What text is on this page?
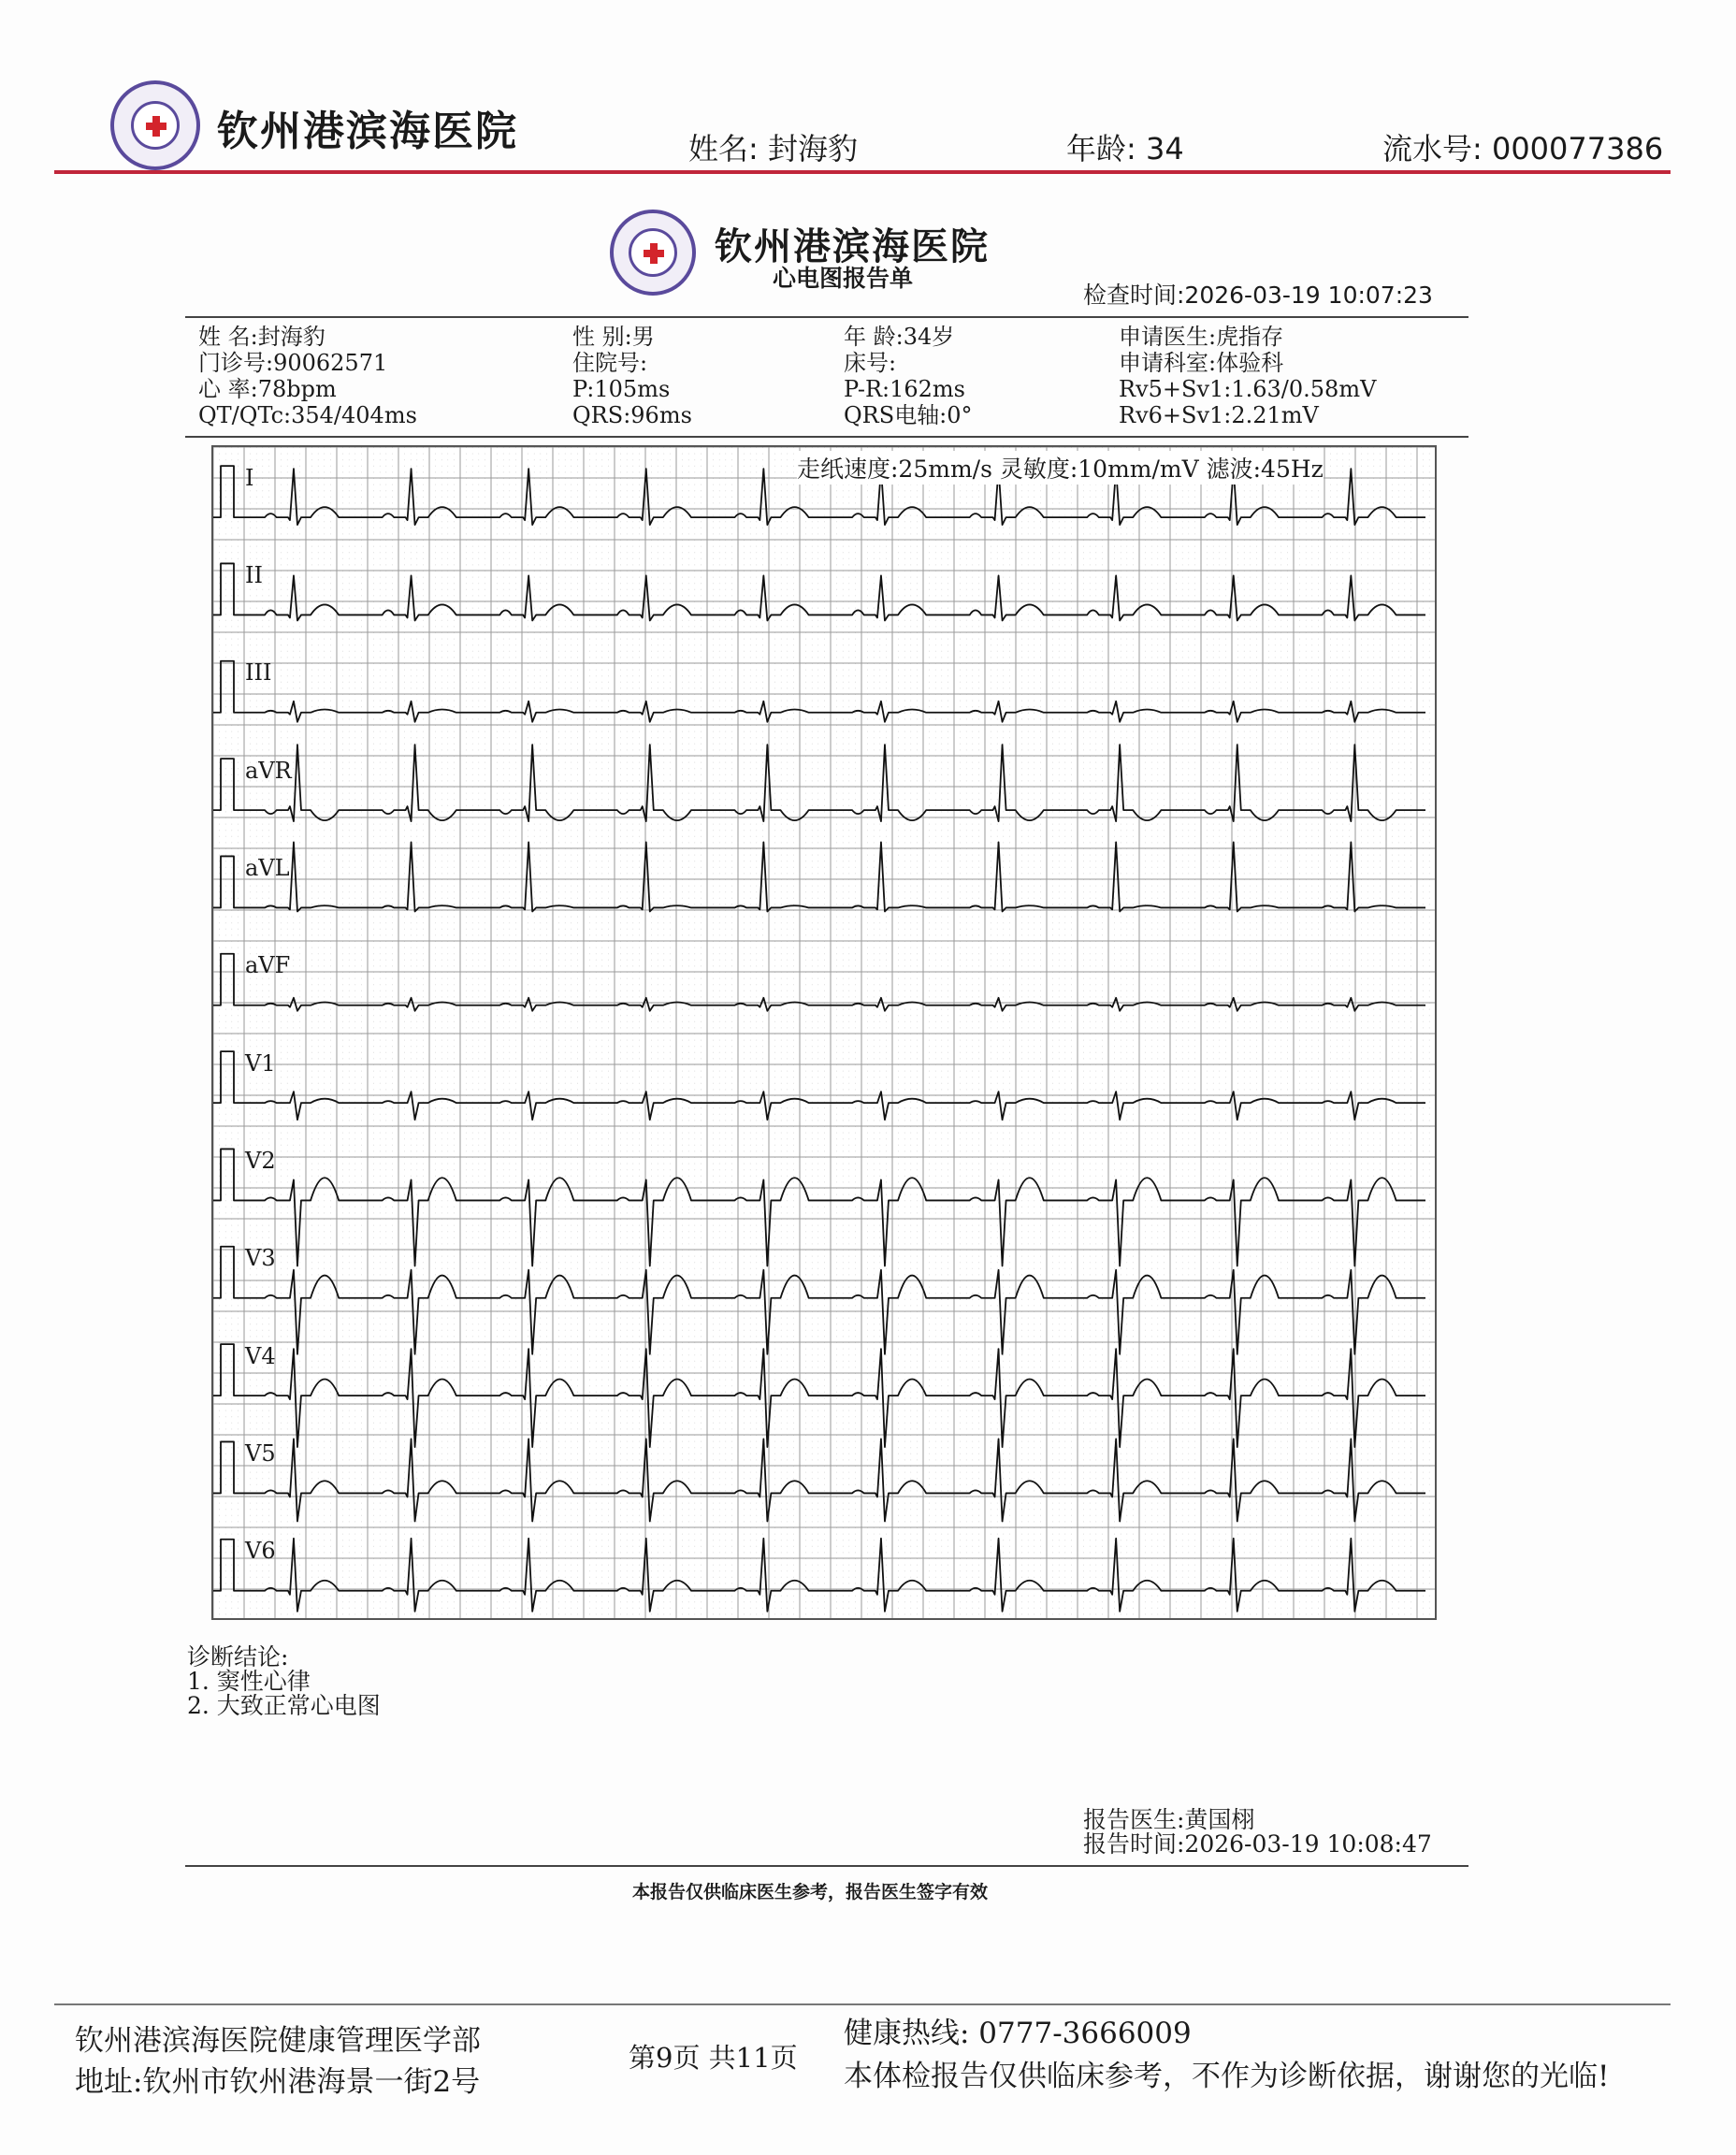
钦州港滨海医院	姓名: 封海豹	年龄: 34	流水号: 000077386
钦州港滨海医院
心电图报告单
检查时间:2026-03-19 10:07:23
姓 名:封海豹	性 别:男	年 龄:34岁	申请医生:虎指存
门诊号:90062571	住院号:	床号:	申请科室:体验科
心 率:78bpm	P:105ms	P-R:162ms	Rv5+Sv1:1.63/0.58mV
QT/QTc:354/404ms	QRS:96ms	QRS电轴:0°	Rv6+Sv1:2.21mV
走纸速度:25mm/s 灵敏度:10mm/mV 滤波:45Hz
I
II
III
aVR
aVL
aVF
V1
V2
V3
V4
V5
V6
诊断结论:
1. 窦性心律
2. 大致正常心电图
报告医生:黄国栩
报告时间:2026-03-19 10:08:47
本报告仅供临床医生参考，报告医生签字有效
钦州港滨海医院健康管理医学部
地址:钦州市钦州港海景一街2号
第9页 共11页
健康热线: 0777-3666009
本体检报告仅供临床参考，不作为诊断依据，谢谢您的光临!
